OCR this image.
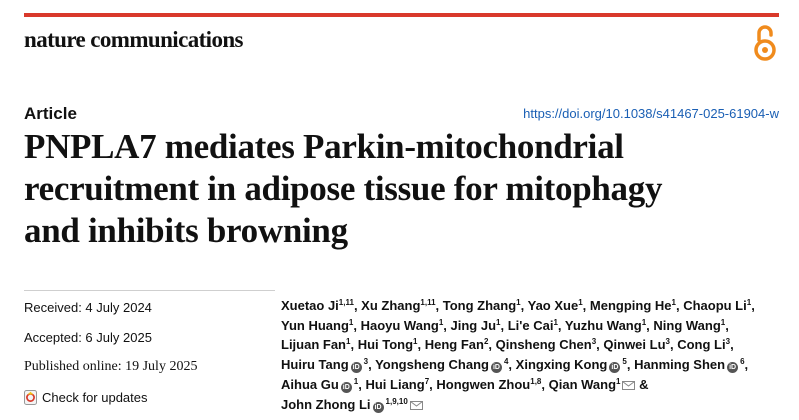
nature communications
Article	https://doi.org/10.1038/s41467-025-61904-w
PNPLA7 mediates Parkin-mitochondrial
recruitment in adipose tissue for mitophagy
and inhibits browning
Received: 4 July 2024
Accepted: 6 July 2025
Published online: 19 July 2025
Check for updates
Xuetao Ji$^{1,11}$, Xu Zhang$^{1,11}$, Tong Zhang$^1$, Yao Xue$^1$, Mengping He$^1$, Chaopu Li$^1$, Yun Huang$^1$, Haoyu Wang$^1$, Jing Ju$^1$, Li'e Cai$^1$, Yuzhu Wang$^1$, Ning Wang$^1$, Lijuan Fan$^1$, Hui Tong$^1$, Heng Fan$^2$, Qinsheng Chen$^3$, Qinwei Lu$^3$, Cong Li$^3$, Huiru Tang $iD^3$, Yongsheng Chang $iD^4$, Xingxing Kong $iD^5$, Hanming Shen $iD^6$, Aihua Gu $iD^1$, Hui Liang$^7$, Hongwen Zhou$^{1,8}$, Qian Wang$^1$ & John Zhong Li iD$^{1,9,10}$
